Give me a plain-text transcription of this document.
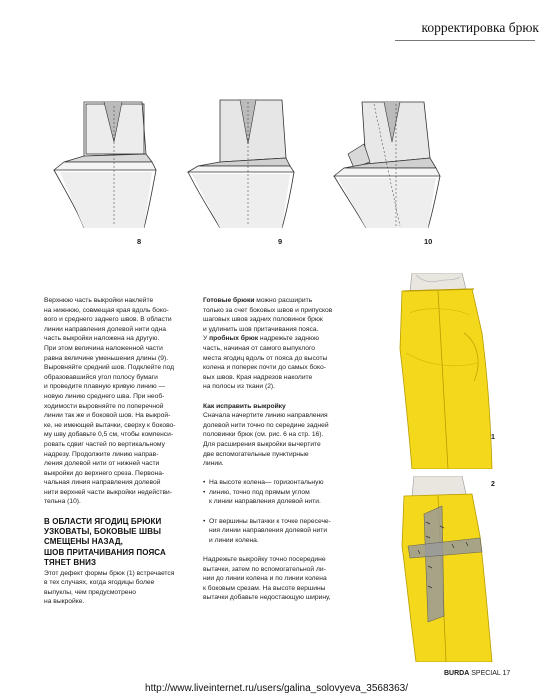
корректировка брюк
8	9	10

Верхнюю часть выкройки наклейте

на нижнюю, совмещая края вдоль боко-

вого и среднего заднего швов. В области

линии направления долевой нити одна

часть выкройки наложена на другую.

При этом величина наложенной части

равна величине уменьшения длины (9).

Выровняйте средний шов. Подклейте под

образовавшийся угол полосу бумаги

и проведите плавную кривую линию —

новую линию среднего шва. При необ-

ходимости выровняйте по поперечной

линии так же и боковой шов. На выкрой-

ке, не имеющей вытачки, сверху к боково-

му шву добавьте 0,5 см, чтобы компенси-

ровать сдвиг частей по вертикальному

надрезу. Продолжите линию направ-

ления долевой нити от нижней части

выкройки до верхнего среза. Первона-

чальная линия направления долевой

нити верхней части выкройки недействи-

тельна (10).

В ОБЛАСТИ ЯГОДИЦ БРЮКИ

УЗКОВАТЫ, БОКОВЫЕ ШВЫ

СМЕЩЕНЫ НАЗАД,

ШОВ ПРИТАЧИВАНИЯ ПОЯСА

ТЯНЕТ ВНИЗ

Этот дефект формы брюк (1) встречается

в тех случаях, когда ягодицы более

выпуклы, чем предусмотрено

на выкройке.

Готовые брюки можно расширить

только за счет боковых швов и припусков

шаговых швов задних половинок брюк

и удлинить шов притачивания пояса.

У пробных брюк надрежьте заднюю

часть, начиная от самого выпуклого

места ягодиц вдоль от пояса до высоты

колена и поперек почти до самых боко-

вых швов. Края надрезов наколите

на полосы из ткани (2).

Как исправить выкройку

Сначала начертите линию направления

долевой нити точно по середине задней

половинки брюк (см. рис. 6 на стр. 16).

Для расширения выкройки вычертите

две вспомогательные пунктирные

линии.

• На высоте колена— горизонтальную

• линию, точно под прямым углом

к линии направления долевой нити.

• От вершины вытачки к точке пересече-

ния линии направления долевой нити

и линии колена.

Надрежьте выкройку точно посередине

вытачки, затем по вспомогательной ли-

нии до линии колена и по линии колена

к боковым срезам. На высоте вершины

вытачки добавьте недостающую ширину,

1
2
BURDA SPECIAL 17
http://www.liveinternet.ru/users/galina_solovyeva_3568363/
